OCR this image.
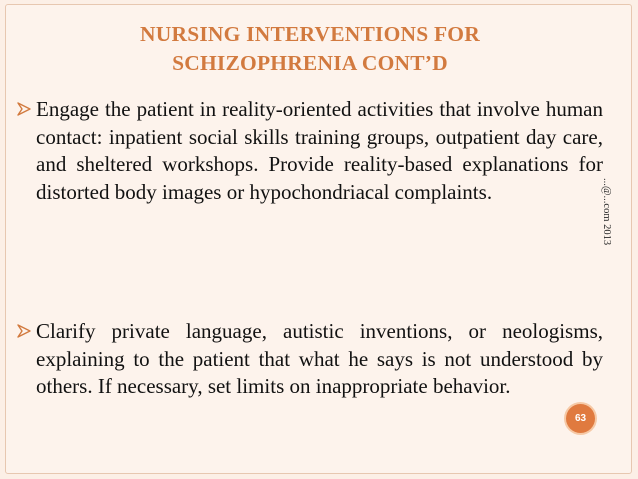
NURSING INTERVENTIONS FOR
SCHIZOPHRENIA CONT’D
Engage the patient in reality-oriented activities that involve human contact: inpatient social skills training groups, outpatient day care, and sheltered workshops. Provide reality-based explanations for distorted body images or hypochondriacal complaints.
Clarify private language, autistic inventions, or neologisms, explaining to the patient that what he says is not understood by others. If necessary, set limits on inappropriate behavior.
...@...com 2013
63
